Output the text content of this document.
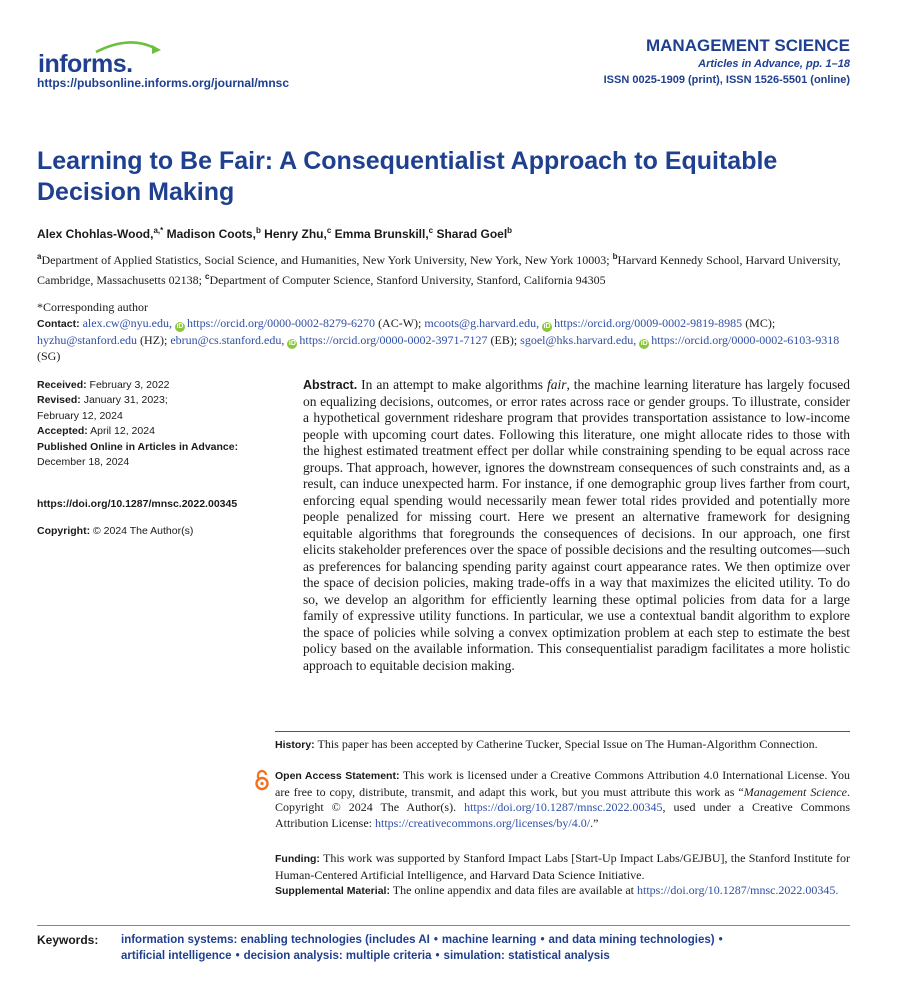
informs.
https://pubsonline.informs.org/journal/mnsc
MANAGEMENT SCIENCE
Articles in Advance, pp. 1–18
ISSN 0025-1909 (print), ISSN 1526-5501 (online)
Learning to Be Fair: A Consequentialist Approach to Equitable Decision Making
Alex Chohlas-Wood,$^{a,*}$ Madison Coots,$^b$ Henry Zhu,$^c$ Emma Brunskill,$^c$ Sharad Goel$^b$
$^a$Department of Applied Statistics, Social Science, and Humanities, New York University, New York, New York 10003; $^b$Harvard Kennedy School, Harvard University, Cambridge, Massachusetts 02138; $^c$Department of Computer Science, Stanford University, Stanford, California 94305
*Corresponding author
Contact: alex.cw@nyu.edu, iD https://orcid.org/0000-0002-8279-6270 (AC-W); mcoots@g.harvard.edu, iD https://orcid.org/0009-0002-9819-8985 (MC); hyzhu@stanford.edu (HZ); ebrun@cs.stanford.edu, iD https://orcid.org/0000-0002-3971-7127 (EB); sgoel@hks.harvard.edu, iD https://orcid.org/0000-0002-6103-9318 (SG)
Received: February 3, 2022
Revised: January 31, 2023;
February 12, 2024
Accepted: April 12, 2024
Published Online in Articles in Advance:
December 18, 2024
https://doi.org/10.1287/mnsc.2022.00345
Copyright: © 2024 The Author(s)
Abstract. In an attempt to make algorithms fair, the machine learning literature has largely focused on equalizing decisions, outcomes, or error rates across race or gender groups. To illustrate, consider a hypothetical government rideshare program that provides transportation assistance to low-income people with upcoming court dates. Following this literature, one might allocate rides to those with the highest estimated treatment effect per dollar while constraining spending to be equal across race groups. That approach, however, ignores the downstream consequences of such constraints and, as a result, can induce unexpected harm. For instance, if one demographic group lives farther from court, enforcing equal spending would necessarily mean fewer total rides provided and potentially more people penalized for missing court. Here we present an alternative framework for designing equitable algorithms that foregrounds the consequences of decisions. In our approach, one first elicits stakeholder preferences over the space of possible decisions and the resulting outcomes—such as preferences for balancing spending parity against court appearance rates. We then optimize over the space of decision policies, making trade-offs in a way that maximizes the elicited utility. To do so, we develop an algorithm for efficiently learning these optimal policies from data for a large family of expressive utility functions. In particular, we use a contextual bandit algorithm to explore the space of policies while solving a convex optimization problem at each step to estimate the best policy based on the available information. This consequentialist paradigm facilitates a more holistic approach to equitable decision making.
History: This paper has been accepted by Catherine Tucker, Special Issue on The Human-Algorithm Connection.
Open Access Statement: This work is licensed under a Creative Commons Attribution 4.0 International License. You are free to copy, distribute, transmit, and adapt this work, but you must attribute this work as “Management Science. Copyright © 2024 The Author(s). https://doi.org/10.1287/mnsc.2022.00345, used under a Creative Commons Attribution License: https://creativecommons.org/licenses/by/4.0/.”
Funding: This work was supported by Stanford Impact Labs [Start-Up Impact Labs/GEJBU], the Stanford Institute for Human-Centered Artificial Intelligence, and Harvard Data Science Initiative.
Supplemental Material: The online appendix and data files are available at https://doi.org/10.1287/mnsc.2022.00345.
Keywords: information systems: enabling technologies (includes AI • machine learning • and data mining technologies) •
artificial intelligence • decision analysis: multiple criteria • simulation: statistical analysis
